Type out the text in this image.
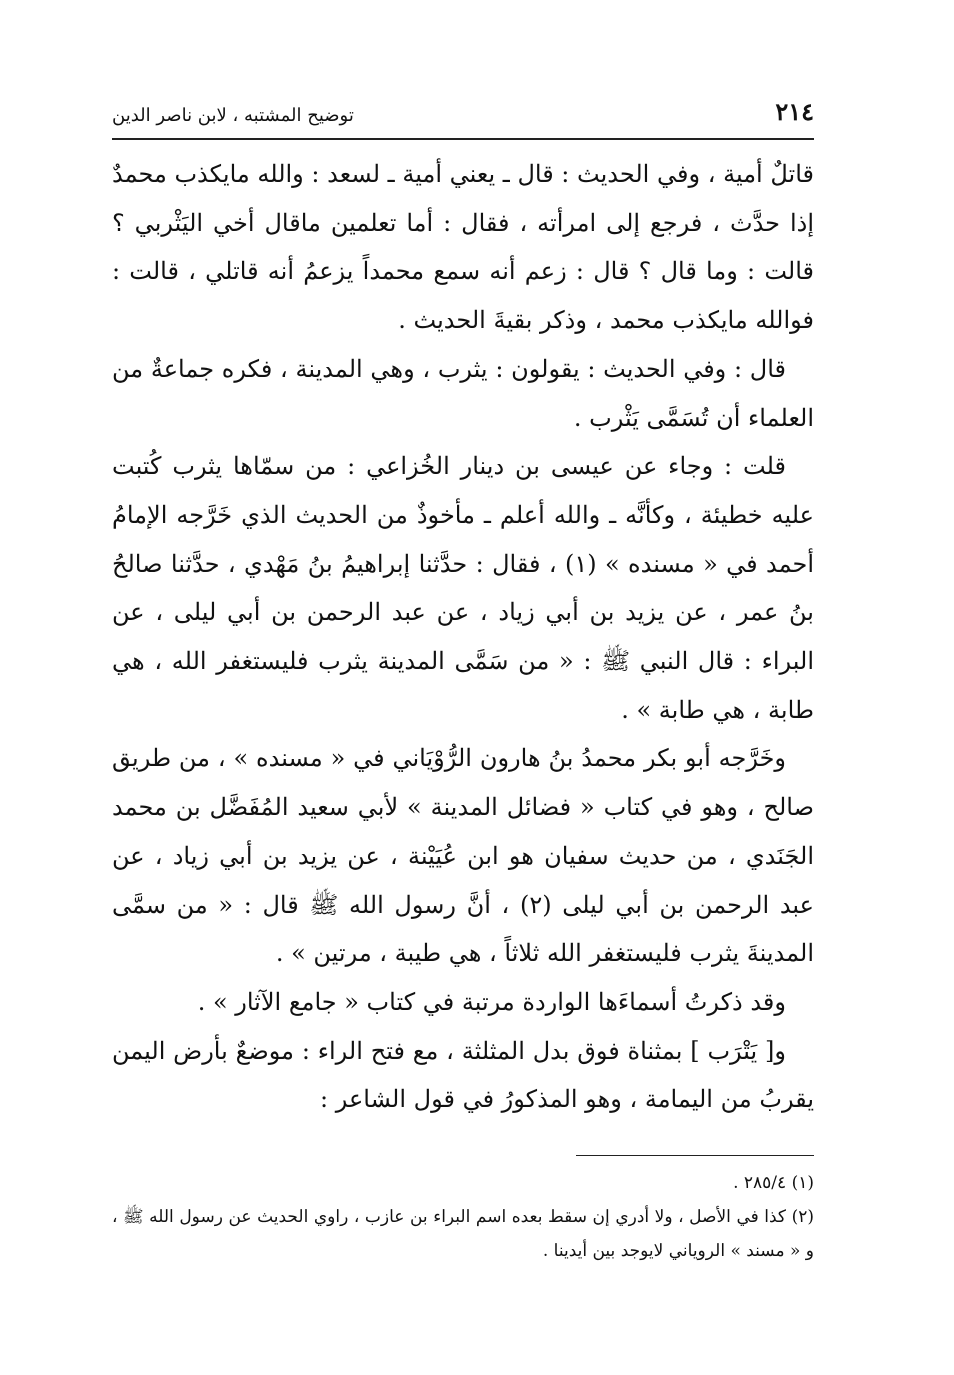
٢١٤
توضيح المشتبه ، لابن ناصر الدين

قاتلٌ أمية ، وفي الحديث : قال ـ يعني أمية ـ لسعد : والله مايكذب محمدٌ إذا حدَّث ، فرجع إلى امرأته ، فقال : أما تعلمين ماقال أخي اليَثْربي ؟ قالت : وما قال ؟ قال : زعم أنه سمع محمداً يزعمُ أنه قاتلي ، قالت : فوالله مايكذب محمد ، وذكر بقيةَ الحديث .

قال : وفي الحديث : يقولون : يثرب ، وهي المدينة ، فكره جماعةٌ من العلماء أن تُسَمَّى يَثْرب .

قلت : وجاء عن عيسى بن دينار الخُزاعي : من سمّاها يثرب كُتبت عليه خطيئة ، وكأنَّه ـ والله أعلم ـ مأخوذٌ من الحديث الذي خَرَّجه الإمامُ أحمد في « مسنده » (١) ، فقال : حدَّثنا إبراهيمُ بنُ مَهْدي ، حدَّثنا صالحُ بنُ عمر ، عن يزيد بن أبي زياد ، عن عبد الرحمن بن أبي ليلى ، عن البراء : قال النبي ﷺ : « من سَمَّى المدينة يثرب فليستغفر الله ، هي طابة ، هي طابة » .

وخَرَّجه أبو بكر محمدُ بنُ هارون الرُّوْيَاني في « مسنده » ، من طريق صالح ، وهو في كتاب « فضائل المدينة » لأبي سعيد المُفَضَّل بن محمد الجَنَدي ، من حديث سفيان هو ابن عُيَيْنة ، عن يزيد بن أبي زياد ، عن عبد الرحمن بن أبي ليلى (٢) ، أنَّ رسول الله ﷺ قال : « من سمَّى المدينةَ يثرب فليستغفر الله ثلاثاً ، هي طيبة ، مرتين » .

وقد ذكرتُ أسماءَها الواردة مرتبة في كتاب « جامع الآثار » .

و[ يَتْرَب ] بمثناة فوق بدل المثلثة ، مع فتح الراء : موضعٌ بأرض اليمن يقربُ من اليمامة ، وهو المذكورُ في قول الشاعر :

(١) ٢٨٥/٤ .

(٢) كذا في الأصل ، ولا أدري إن سقط بعده اسم البراء بن عازب ، راوي الحديث عن رسول الله ﷺ ، و « مسند » الروياني لايوجد بين أيدينا .
